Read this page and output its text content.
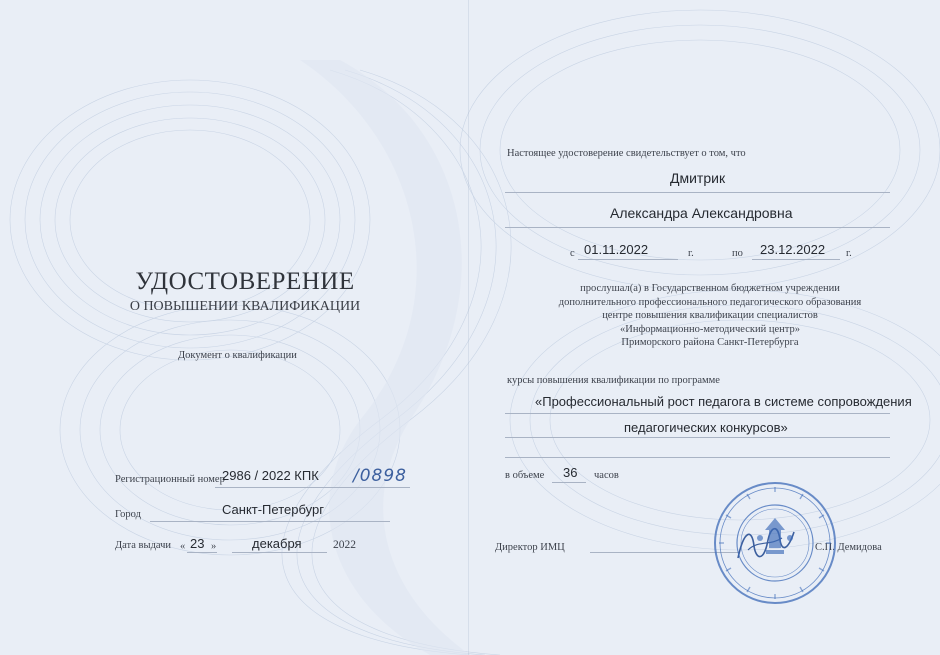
УДОСТОВЕРЕНИЕ
О ПОВЫШЕНИИ КВАЛИФИКАЦИИ
Документ о квалификации
Регистрационный номер
2986 / 2022 КПК /0898
Город	Санкт-Петербург
Дата выдачи « 23 »	декабря	2022
Настоящее удостоверение свидетельствует о том, что
Дмитрик
Александра Александровна
с 01.11.2022	г.	по 23.12.2022 г.
прослушал(а) в Государственном бюджетном учреждении
дополнительного профессионального педагогического образования
центре повышения квалификации специалистов
«Информационно-методический центр»
Приморского района Санкт-Петербурга
курсы повышения квалификации по программе
«Профессиональный рост педагога в системе сопровождения
педагогических конкурсов»
в объеме 36 часов
Директор ИМЦ	С.П. Демидова
